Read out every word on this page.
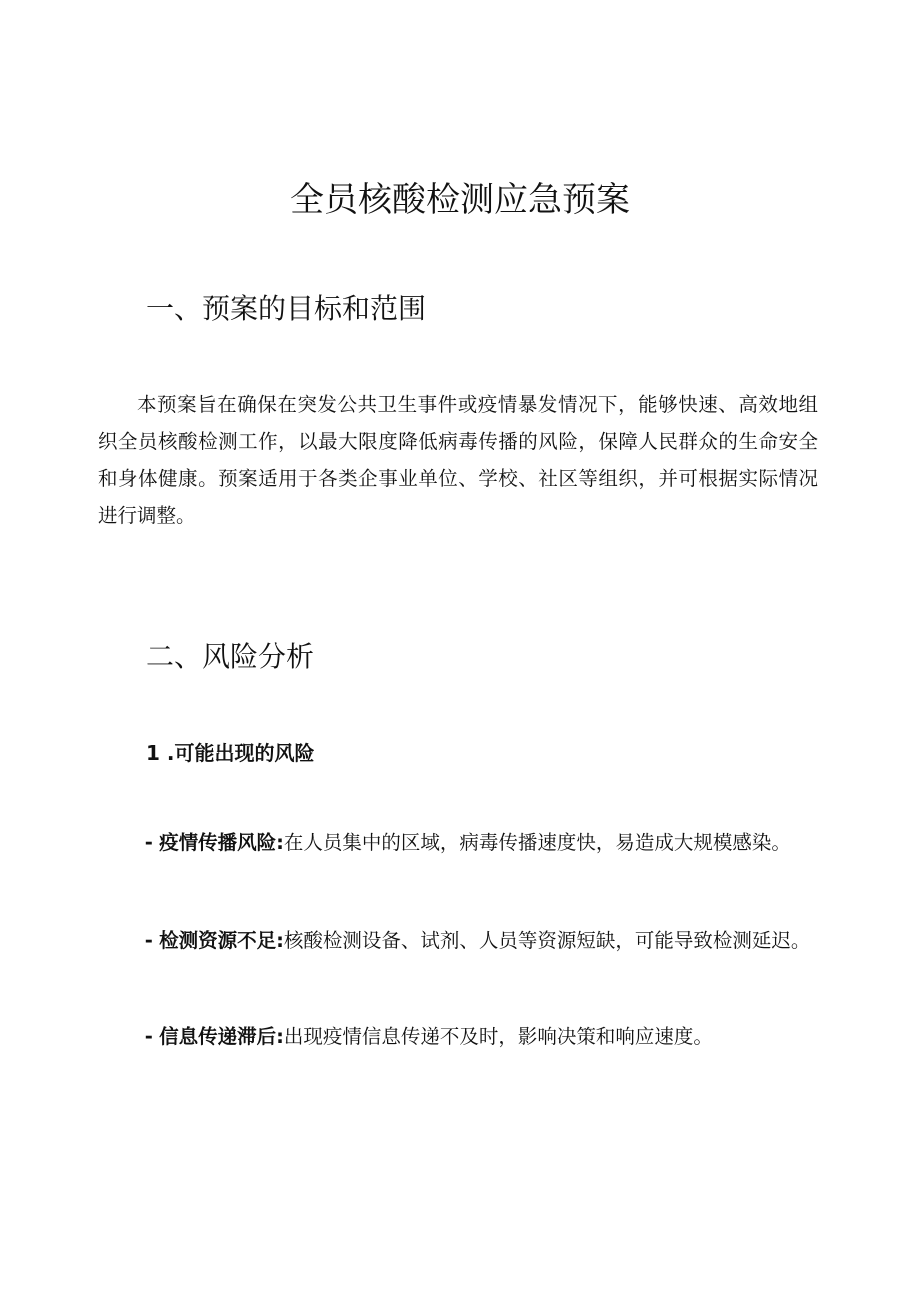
全员核酸检测应急预案
一、预案的目标和范围

本预案旨在确保在突发公共卫生事件或疫情暴发情况下，能够快速、高效地组织全员核酸检测工作，以最大限度降低病毒传播的风险，保障人民群众的生命安全和身体健康。预案适用于各类企事业单位、学校、社区等组织，并可根据实际情况进行调整。

二、风险分析
1 .可能出现的风险

- 疫情传播风险:在人员集中的区域，病毒传播速度快，易造成大规模感染。

- 检测资源不足:核酸检测设备、试剂、人员等资源短缺，可能导致检测延迟。

- 信息传递滞后:出现疫情信息传递不及时，影响决策和响应速度。
